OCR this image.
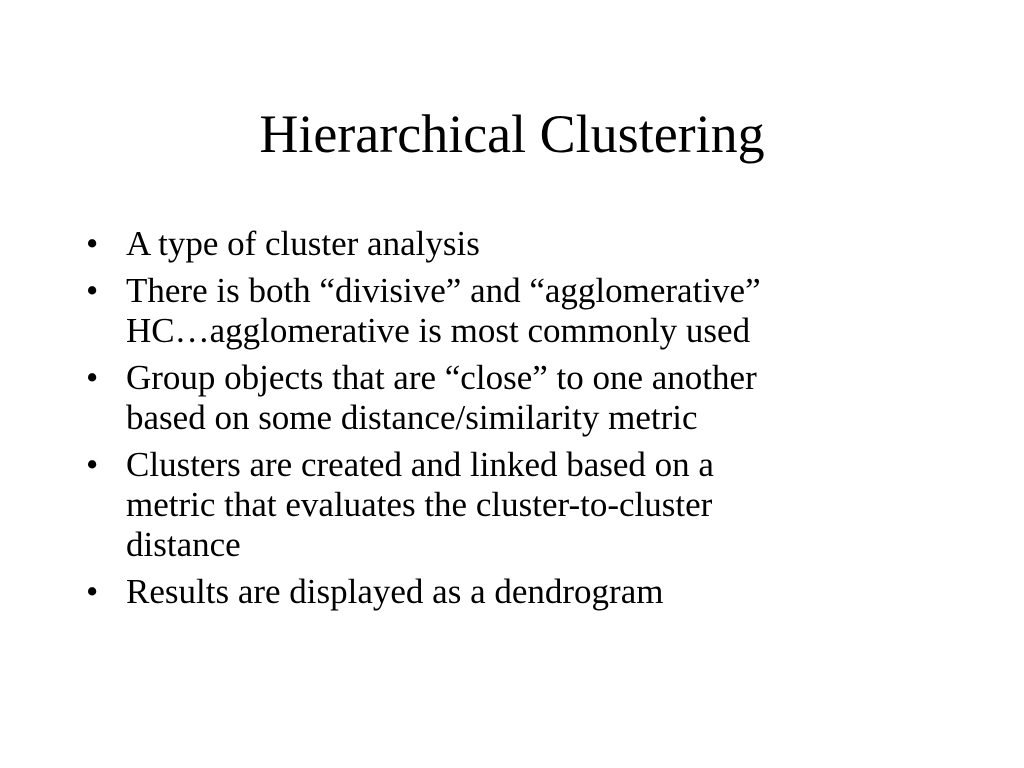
Hierarchical Clustering
• A type of cluster analysis
• There is both “divisive” and “agglomerative”
HC…agglomerative is most commonly used
• Group objects that are “close” to one another
based on some distance/similarity metric
• Clusters are created and linked based on a
metric that evaluates the cluster-to-cluster
distance
• Results are displayed as a dendrogram
